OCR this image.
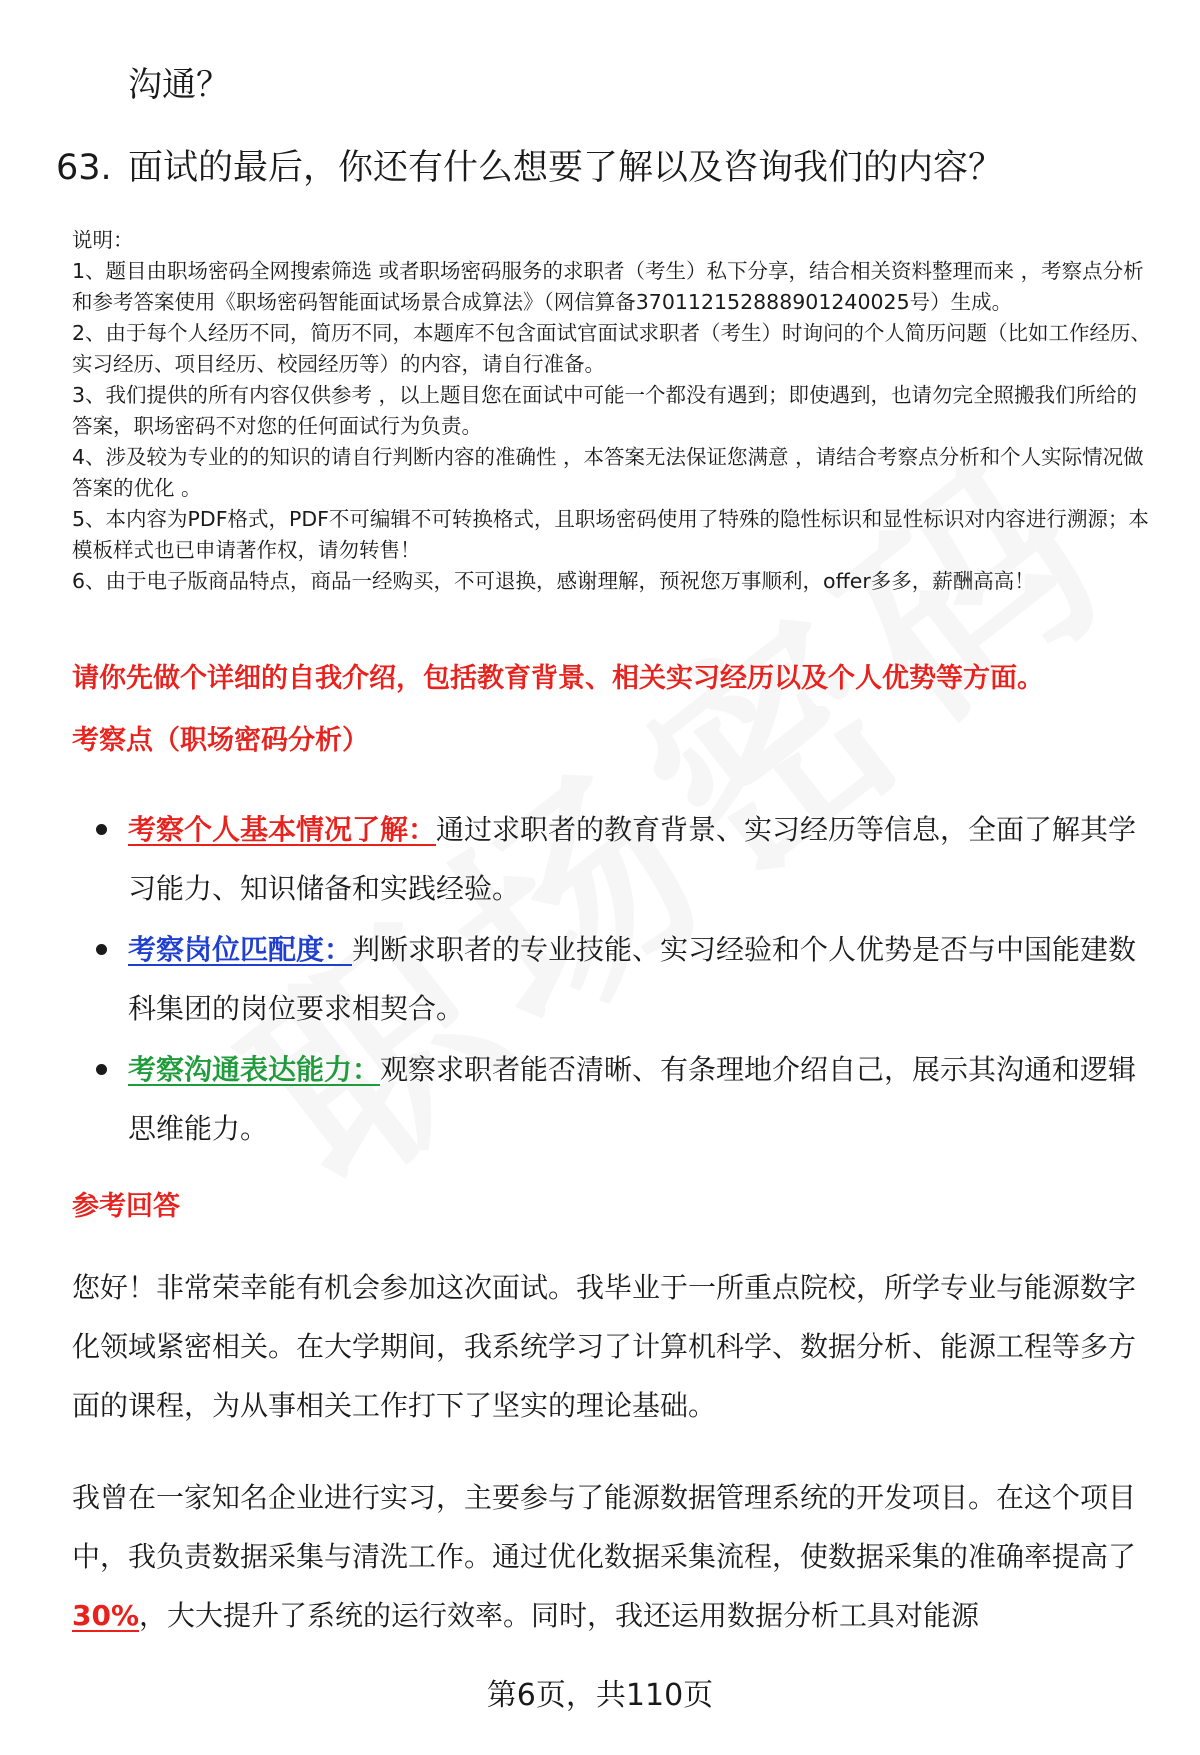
沟通？
63. 面试的最后，你还有什么想要了解以及咨询我们的内容？
说明：
1、题目由职场密码全网搜索筛选 或者职场密码服务的求职者（考生）私下分享，结合相关资料整理而来 ，考察点分析和参考答案使用《职场密码智能面试场景合成算法》（网信算备370112152888901240025号）生成。
2、由于每个人经历不同，简历不同，本题库不包含面试官面试求职者（考生）时询问的个人简历问题（比如工作经历、实习经历、项目经历、校园经历等）的内容，请自行准备。
3、我们提供的所有内容仅供参考 ，以上题目您在面试中可能一个都没有遇到；即使遇到，也请勿完全照搬我们所给的答案，职场密码不对您的任何面试行为负责。
4、涉及较为专业的的知识的请自行判断内容的准确性 ，本答案无法保证您满意 ，请结合考察点分析和个人实际情况做答案的优化 。
5、本内容为PDF格式，PDF不可编辑不可转换格式，且职场密码使用了特殊的隐性标识和显性标识对内容进行溯源；本模板样式也已申请著作权，请勿转售！
6、由于电子版商品特点，商品一经购买，不可退换，感谢理解，预祝您万事顺利，offer多多，薪酬高高！
请你先做个详细的自我介绍，包括教育背景、相关实习经历以及个人优势等方面。
考察点（职场密码分析）
考察个人基本情况了解：通过求职者的教育背景、实习经历等信息，全面了解其学习能力、知识储备和实践经验。
考察岗位匹配度：判断求职者的专业技能、实习经验和个人优势是否与中国能建数科集团的岗位要求相契合。
考察沟通表达能力：观察求职者能否清晰、有条理地介绍自己，展示其沟通和逻辑思维能力。
参考回答
您好！非常荣幸能有机会参加这次面试。我毕业于一所重点院校，所学专业与能源数字化领域紧密相关。在大学期间，我系统学习了计算机科学、数据分析、能源工程等多方面的课程，为从事相关工作打下了坚实的理论基础。
我曾在一家知名企业进行实习，主要参与了能源数据管理系统的开发项目。在这个项目中，我负责数据采集与清洗工作。通过优化数据采集流程，使数据采集的准确率提高了30%，大大提升了系统的运行效率。同时，我还运用数据分析工具对能源
第6页，共110页
